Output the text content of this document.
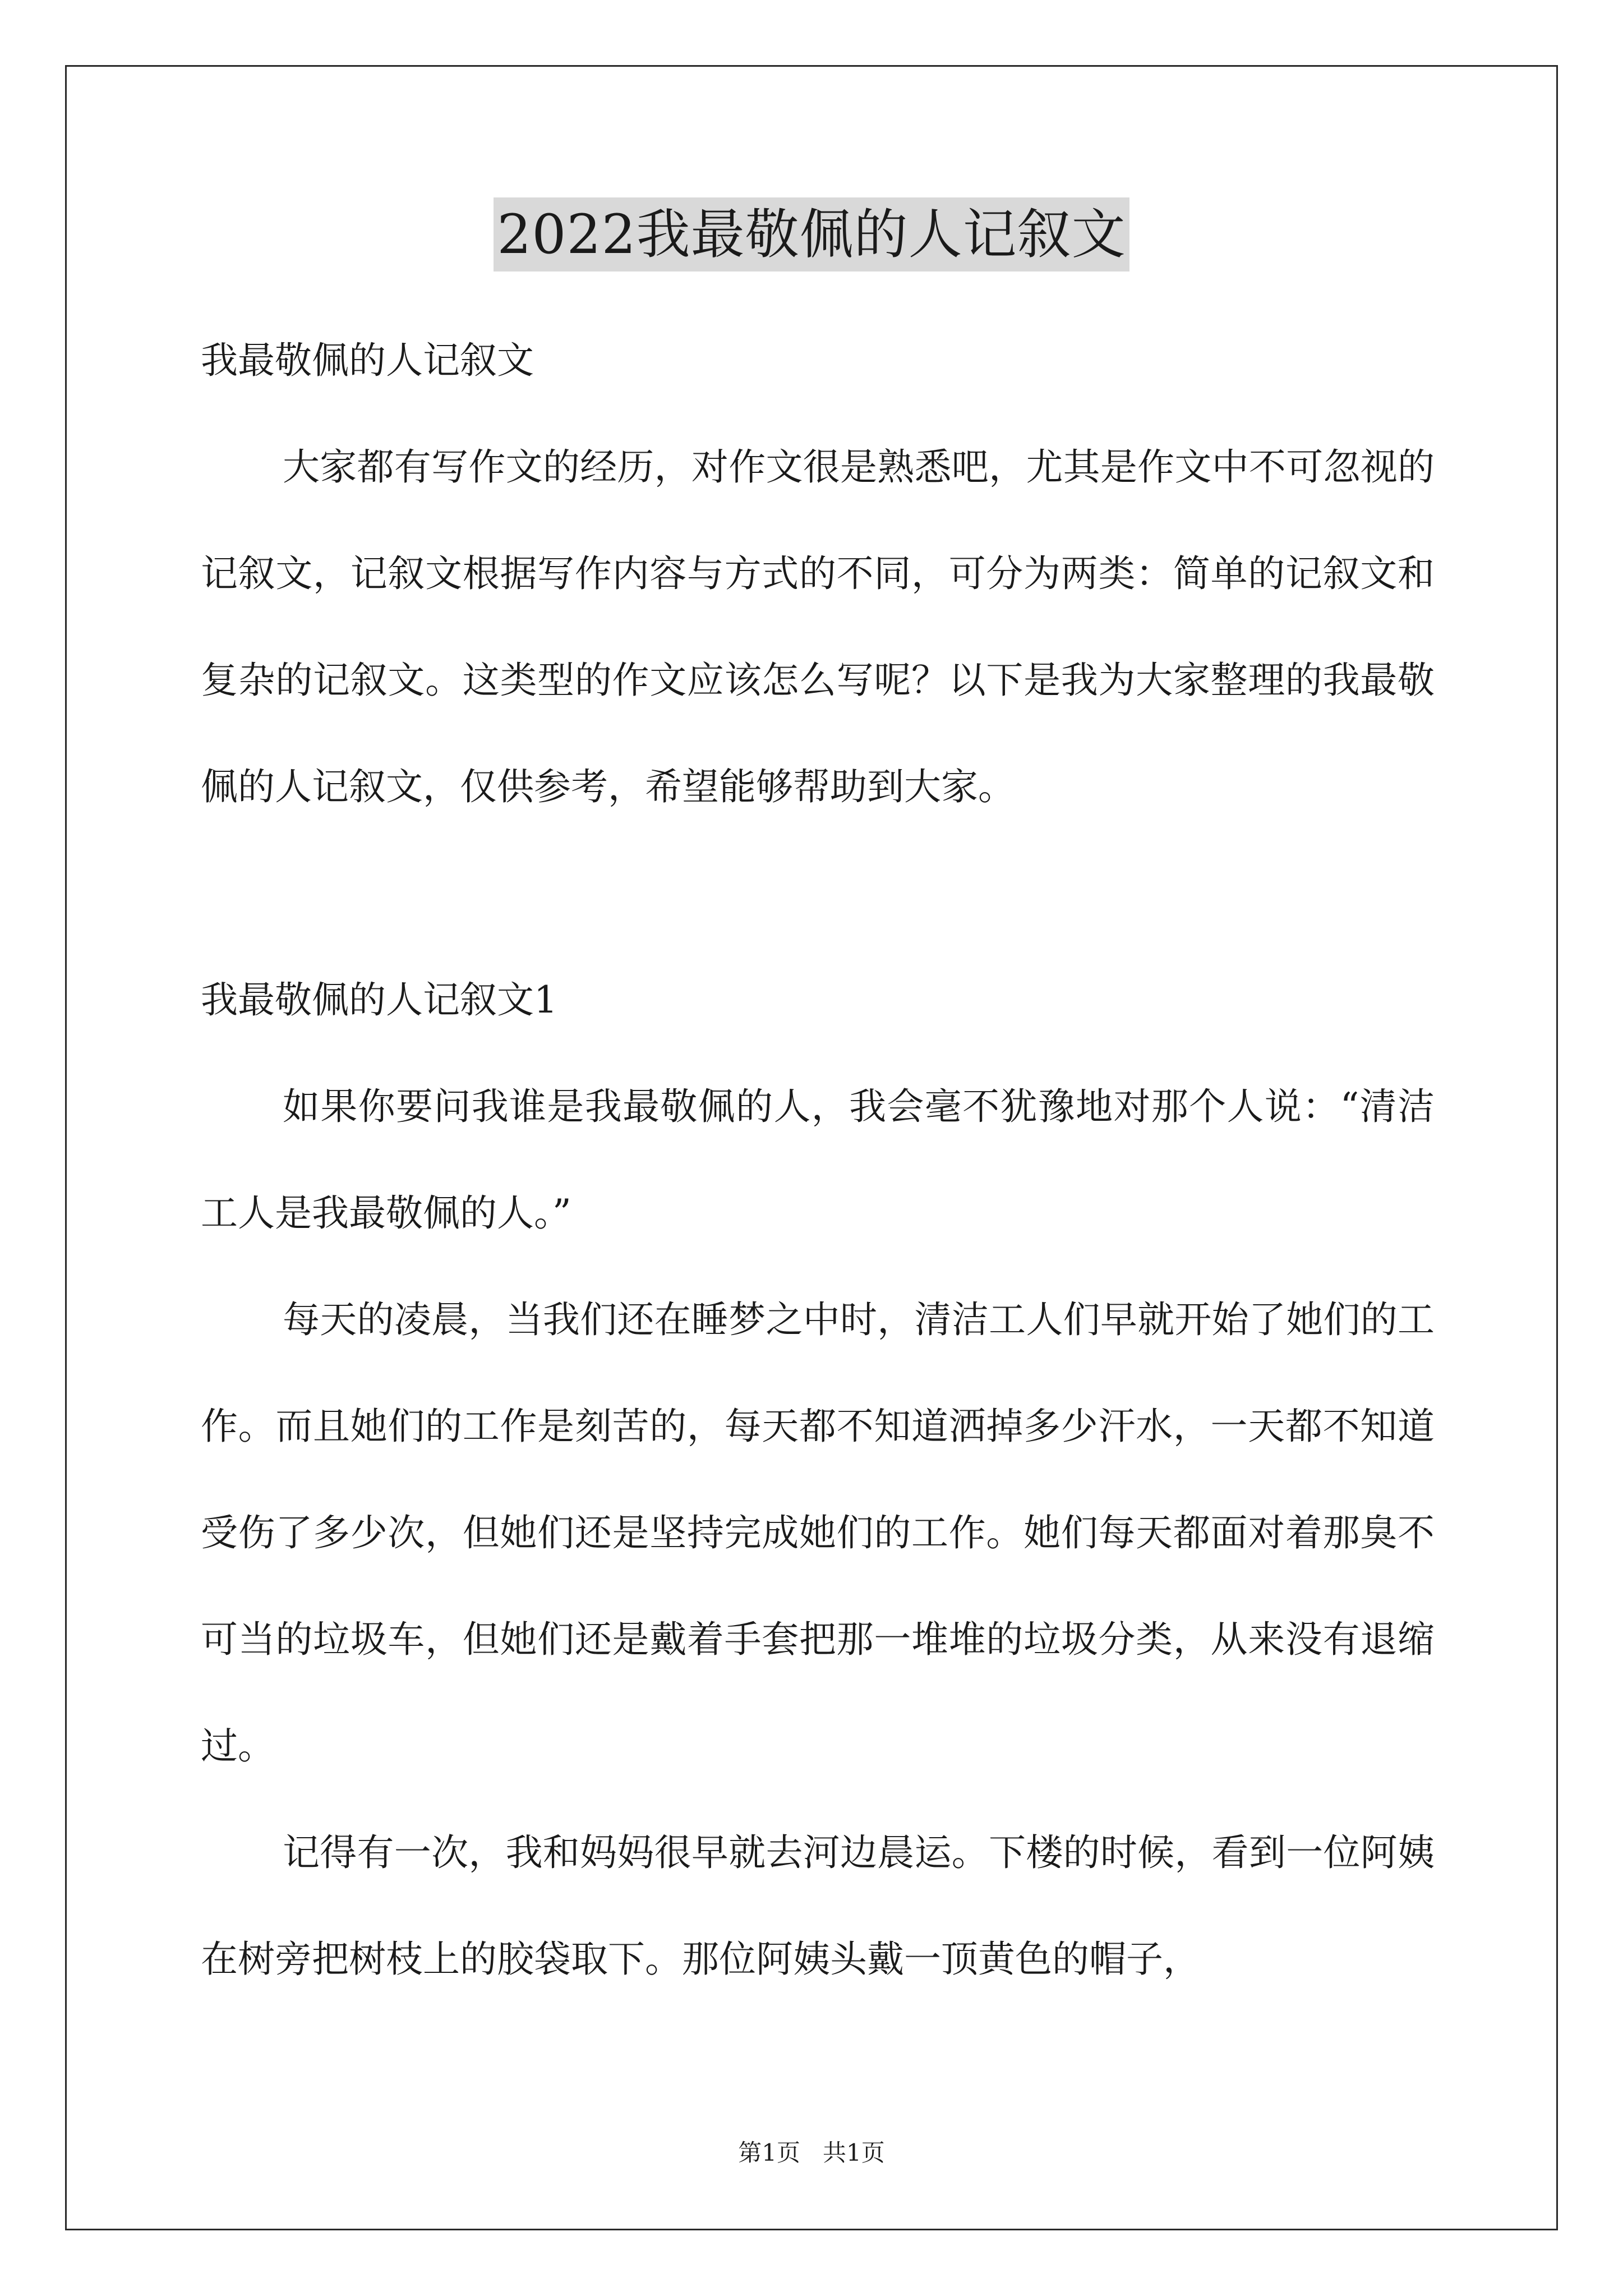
2022我最敬佩的人记叙文

我最敬佩的人记叙文

大家都有写作文的经历，对作文很是熟悉吧，尤其是作文中不可忽视的记叙文，记叙文根据写作内容与方式的不同，可分为两类：简单的记叙文和复杂的记叙文。这类型的作文应该怎么写呢？以下是我为大家整理的我最敬佩的人记叙文，仅供参考，希望能够帮助到大家。

我最敬佩的人记叙文1

如果你要问我谁是我最敬佩的人，我会毫不犹豫地对那个人说：“清洁工人是我最敬佩的人。”

每天的凌晨，当我们还在睡梦之中时，清洁工人们早就开始了她们的工作。而且她们的工作是刻苦的，每天都不知道洒掉多少汗水，一天都不知道受伤了多少次，但她们还是坚持完成她们的工作。她们每天都面对着那臭不可当的垃圾车，但她们还是戴着手套把那一堆堆的垃圾分类，从来没有退缩过。

记得有一次，我和妈妈很早就去河边晨运。下楼的时候，看到一位阿姨在树旁把树枝上的胶袋取下。那位阿姨头戴一顶黄色的帽子，

第1页   共1页
